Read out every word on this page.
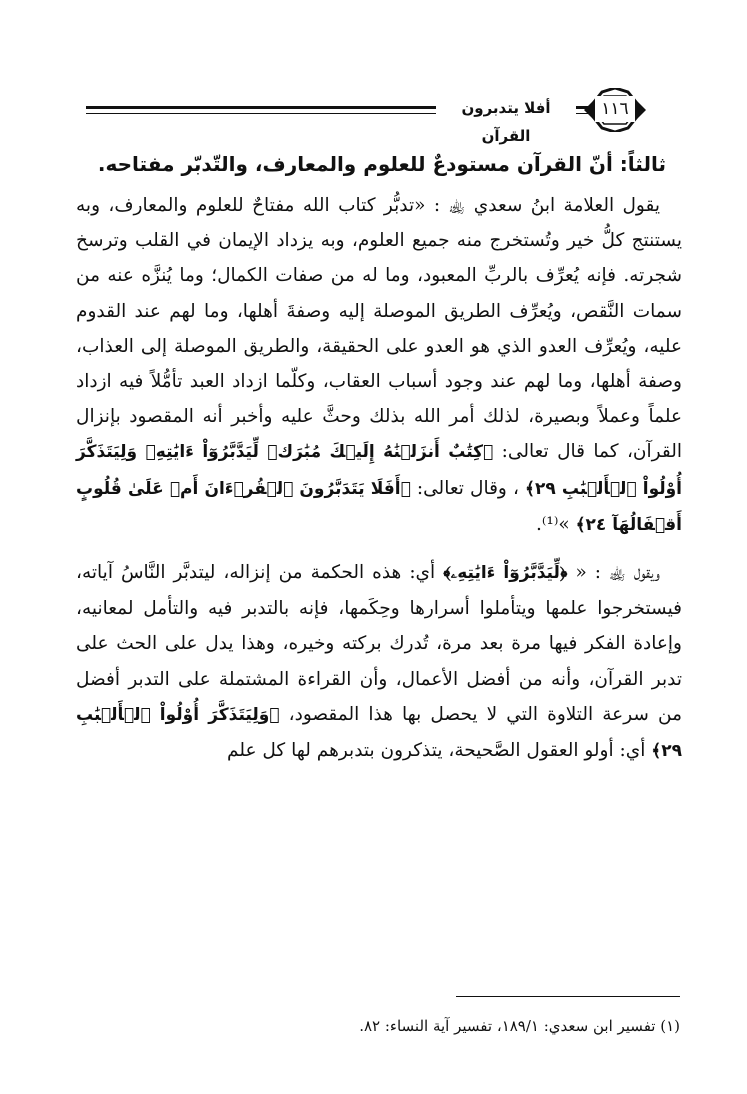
١١٦
أفلا يتدبرون القرآن
ثالثاً: أنّ القرآن مستودعٌ للعلوم والمعارف، والتّدبّر مفتاحه.

يقول العلامة ابنُ سعدي ﵀ : «تدبُّر كتاب الله مفتاحٌ للعلوم والمعارف، وبه يستنتج كلُّ خير وتُستخرج منه جميع العلوم، وبه يزداد الإيمان في القلب وترسخ شجرته. فإنه يُعرِّف بالربِّ المعبود، وما له من صفات الكمال؛ وما يُنزَّه عنه من سمات النَّقص، ويُعرِّف الطريق الموصلة إليه وصفةَ أهلها، وما لهم عند القدوم عليه، ويُعرِّف العدو الذي هو العدو على الحقيقة، والطريق الموصلة إلى العذاب، وصفة أهلها، وما لهم عند وجود أسباب العقاب، وكلّما ازداد العبد تأمُّلاً فيه ازداد علماً وعملاً وبصيرة، لذلك أمر الله بذلك وحثَّ عليه وأخبر أنه المقصود بإنزال القرآن، كما قال تعالى: ﴿كِتَٰبٌ أَنزَلۡنَٰهُ إِلَيۡكَ مُبَٰرَكٞ لِّيَدَّبَّرُوٓاْ ءَايَٰتِهِۦ وَلِيَتَذَكَّرَ أُوْلُواْ ٱلۡأَلۡبَٰبِ ٢٩﴾ ، وقال تعالى: ﴿أَفَلَا يَتَدَبَّرُونَ ٱلۡقُرۡءَانَ أَمۡ عَلَىٰ قُلُوبٍ أَقۡفَالُهَآ ٢٤﴾ »⁽¹⁾.

ويقول ﵀ : « ﴿لِّيَدَّبَّرُوٓاْ ءَايَٰتِهِۦ﴾ أي: هذه الحكمة من إنزاله، ليتدبَّر النَّاسُ آياته، فيستخرجوا علمها ويتأملوا أسرارها وحِكَمها، فإنه بالتدبر فيه والتأمل لمعانيه، وإعادة الفكر فيها مرة بعد مرة، تُدرك بركته وخيره، وهذا يدل على الحث على تدبر القرآن، وأنه من أفضل الأعمال، وأن القراءة المشتملة على التدبر أفضل من سرعة التلاوة التي لا يحصل بها هذا المقصود، ﴿وَلِيَتَذَكَّرَ أُوْلُواْ ٱلۡأَلۡبَٰبِ ٢٩﴾ أي: أولو العقول الصَّحيحة، يتذكرون بتدبرهم لها كل علم

(١) تفسير ابن سعدي: ١٨٩/١، تفسير آية النساء: ٨٢.
